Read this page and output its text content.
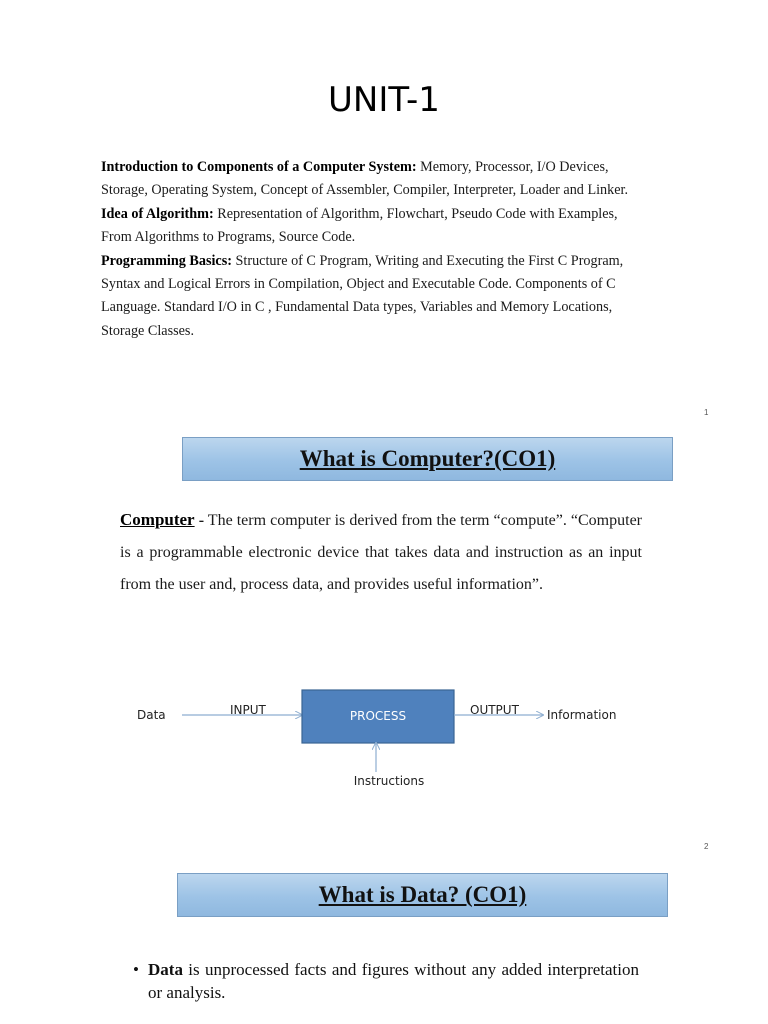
UNIT-1

Introduction to Components of a Computer System: Memory, Processor, I/O Devices, Storage, Operating System, Concept of Assembler, Compiler, Interpreter, Loader and Linker.

Idea of Algorithm: Representation of Algorithm, Flowchart, Pseudo Code with Examples, From Algorithms to Programs, Source Code.

Programming Basics: Structure of C Program, Writing and Executing the First C Program, Syntax and Logical Errors in Compilation, Object and Executable Code. Components of C Language. Standard I/O in C , Fundamental Data types, Variables and Memory Locations, Storage Classes.

1
What is Computer?(CO1)
Computer - The term computer is derived from the term “compute”. “Computer is a programmable electronic device that takes data and instruction as an input from the user and, process data, and provides useful information”.
Data	INPUT	PROCESS	OUTPUT Information
Instructions
2
What is Data? (CO1)
• Data is unprocessed facts and figures without any added interpretation or analysis.
